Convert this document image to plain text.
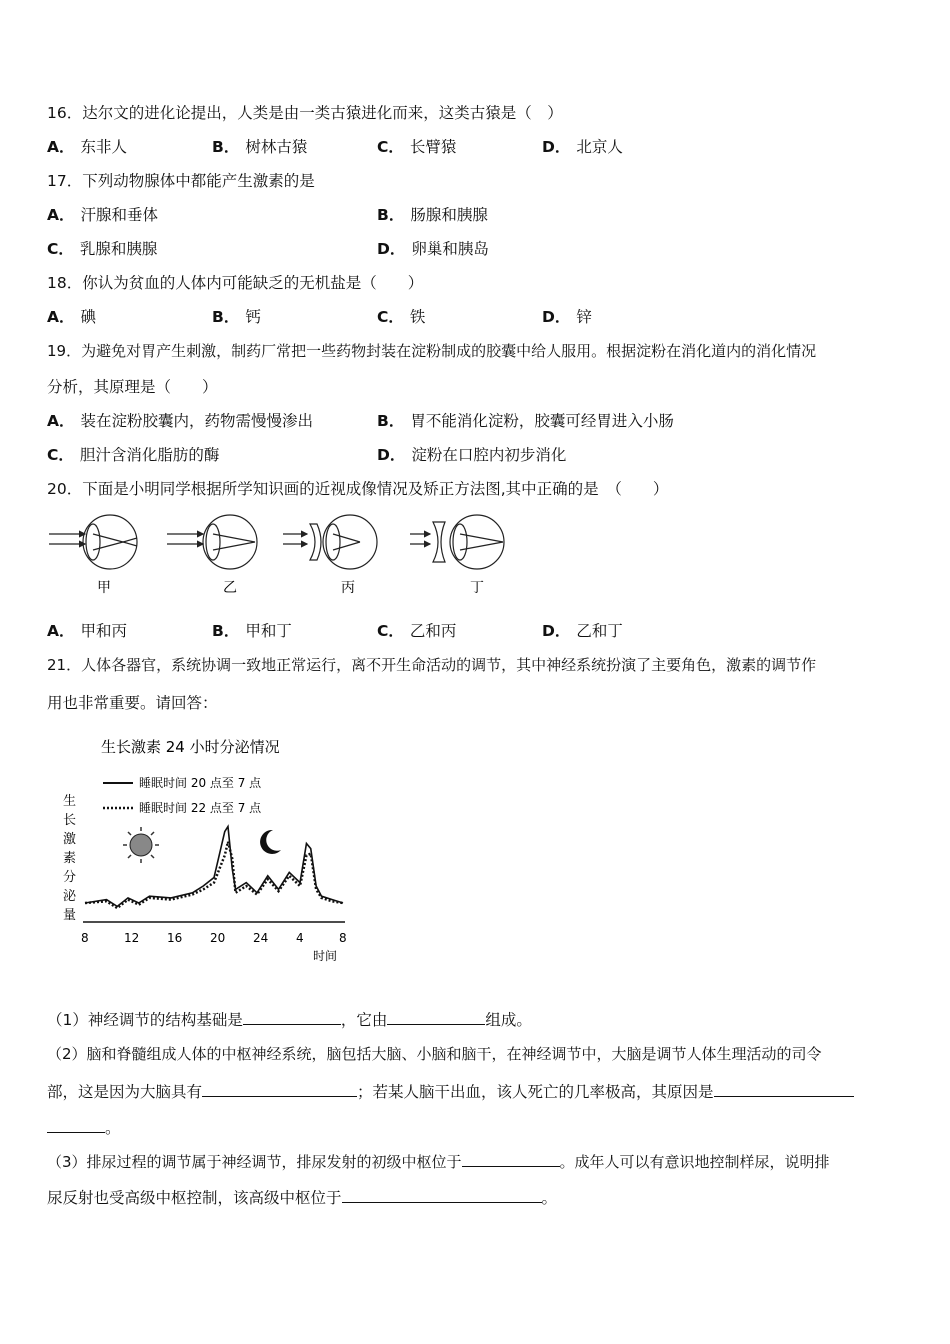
16．达尔文的进化论提出，人类是由一类古猿进化而来，这类古猿是（　）
A． 东非人	B． 树林古猿	C． 长臂猿	D． 北京人
17．下列动物腺体中都能产生激素的是
A． 汗腺和垂体	B． 肠腺和胰腺
C． 乳腺和胰腺	D． 卵巢和胰岛
18．你认为贫血的人体内可能缺乏的无机盐是（　　）
A． 碘	B． 钙	C． 铁	D． 锌
19．为避免对胃产生刺激，制药厂常把一些药物封装在淀粉制成的胶囊中给人服用。根据淀粉在消化道内的消化情况
分析，其原理是（　　）
A． 装在淀粉胶囊内，药物需慢慢渗出	B． 胃不能消化淀粉，胶囊可经胃进入小肠
C． 胆汁含消化脂肪的酶	D． 淀粉在口腔内初步消化
20．下面是小明同学根据所学知识画的近视成像情况及矫正方法图,其中正确的是　（　　）
甲	乙	丙	丁
A． 甲和丙	B． 甲和丁	C． 乙和丙	D． 乙和丁
21．人体各器官，系统协调一致地正常运行，离不开生命活动的调节，其中神经系统扮演了主要角色，激素的调节作
用也非常重要。请回答：
生长激素 24 小时分泌情况
睡眠时间 20 点至 7 点
睡眠时间 22 点至 7 点
生
长
激
素
分
泌
量
8	12 16 20 24 4	8
时间
（1）神经调节的结构基础是	，它由	组成。
（2）脑和脊髓组成人体的中枢神经系统，脑包括大脑、小脑和脑干，在神经调节中，大脑是调节人体生理活动的司令
部，这是因为大脑具有	；若某人脑干出血，该人死亡的几率极高，其原因是
。
（3）排尿过程的调节属于神经调节，排尿发射的初级中枢位于	。成年人可以有意识地控制样尿，说明排
尿反射也受高级中枢控制，该高级中枢位于	。
